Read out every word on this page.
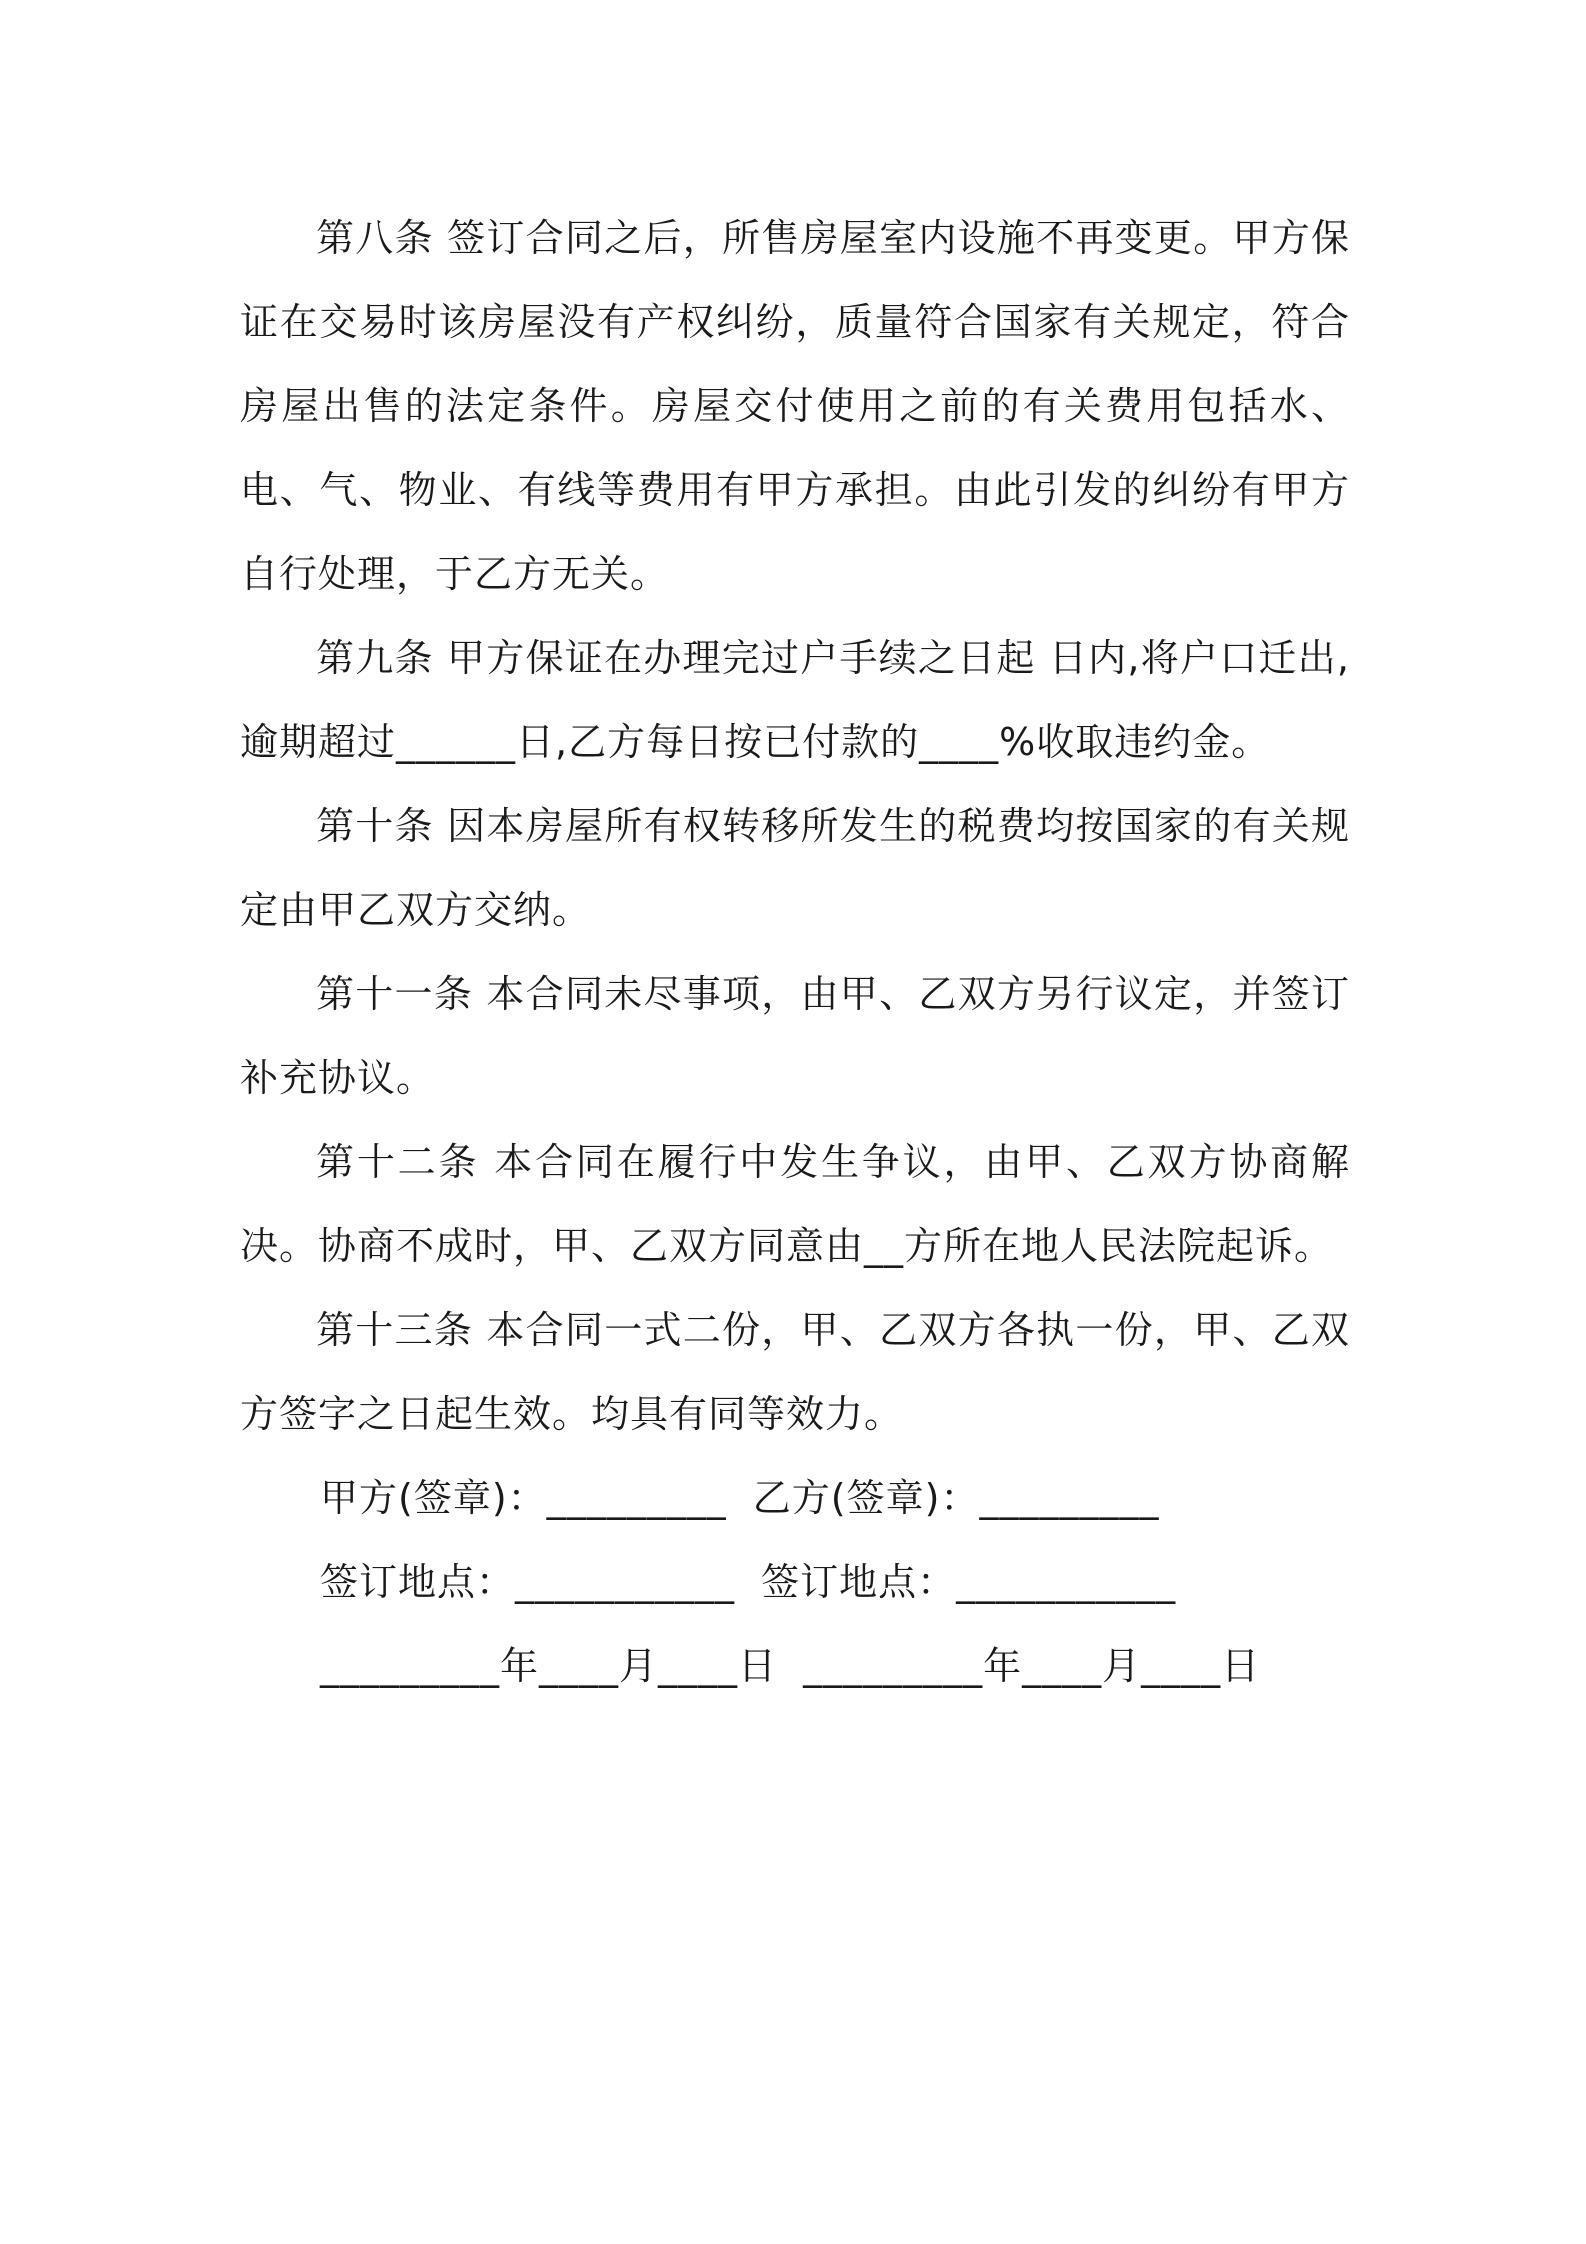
第八条 签订合同之后，所售房屋室内设施不再变更。甲方保证在交易时该房屋没有产权纠纷，质量符合国家有关规定，符合房屋出售的法定条件。房屋交付使用之前的有关费用包括水、电、气、物业、有线等费用有甲方承担。由此引发的纠纷有甲方自行处理，于乙方无关。

第九条 甲方保证在办理完过户手续之日起 日内,将户口迁出,逾期超过______日,乙方每日按已付款的____%收取违约金。

第十条 因本房屋所有权转移所发生的税费均按国家的有关规定由甲乙双方交纳。

第十一条 本合同未尽事项，由甲、乙双方另行议定，并签订补充协议。

第十二条 本合同在履行中发生争议，由甲、乙双方协商解决。协商不成时，甲、乙双方同意由__方所在地人民法院起诉。

第十三条 本合同一式二份，甲、乙双方各执一份，甲、乙双方签字之日起生效。均具有同等效力。

甲方(签章)：_________  乙方(签章)：_________
签订地点：___________  签订地点：___________
_________年____月____日  _________年____月____日
